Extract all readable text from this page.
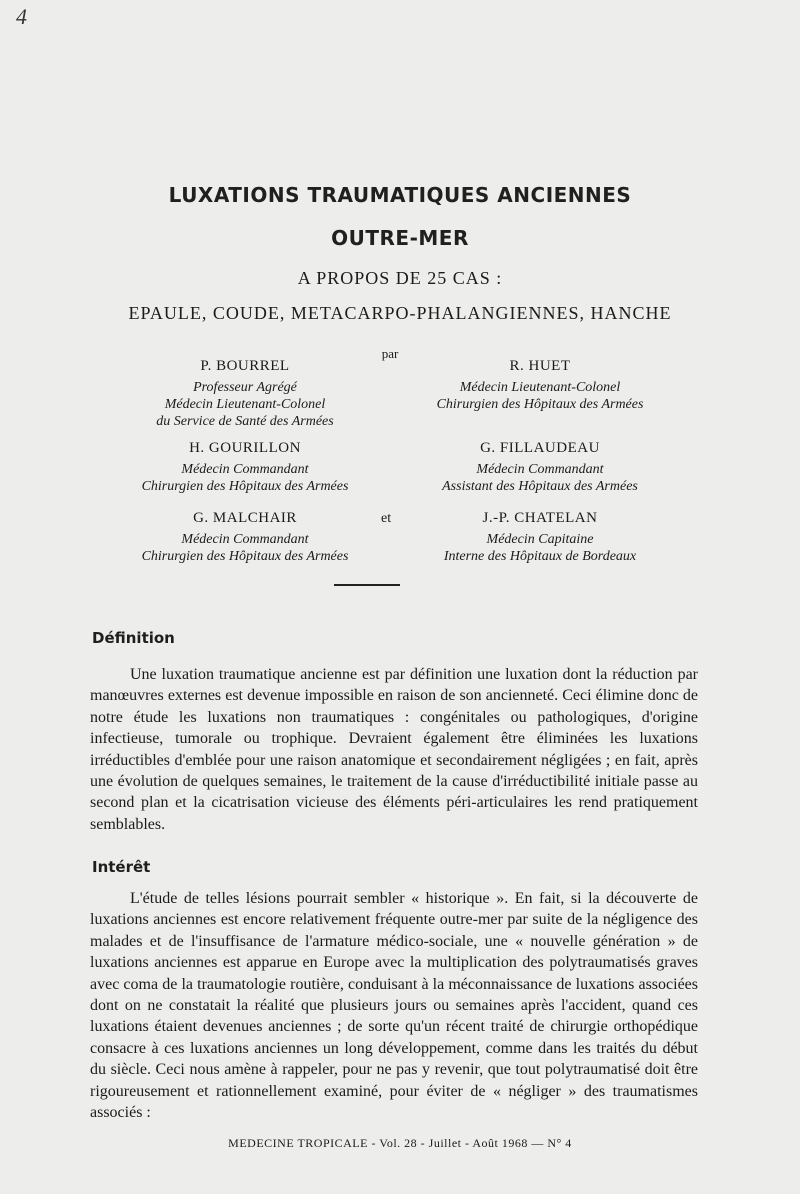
4
LUXATIONS TRAUMATIQUES ANCIENNES
OUTRE-MER
A PROPOS DE 25 CAS :
EPAULE, COUDE, METACARPO-PHALANGIENNES, HANCHE
par
P. BOURREL
Professeur Agrégé
Médecin Lieutenant-Colonel
du Service de Santé des Armées
R. HUET
Médecin Lieutenant-Colonel
Chirurgien des Hôpitaux des Armées
H. GOURILLON
Médecin Commandant
Chirurgien des Hôpitaux des Armées
G. FILLAUDEAU
Médecin Commandant
Assistant des Hôpitaux des Armées
et
G. MALCHAIR
Médecin Commandant
Chirurgien des Hôpitaux des Armées
J.-P. CHATELAN
Médecin Capitaine
Interne des Hôpitaux de Bordeaux
Définition

Une luxation traumatique ancienne est par définition une luxation dont la réduction par manœuvres externes est devenue impossible en raison de son ancienneté. Ceci élimine donc de notre étude les luxations non traumatiques : congénitales ou pathologiques, d'origine infectieuse, tumorale ou trophique. Devraient également être éliminées les luxations irréductibles d'emblée pour une raison anatomique et secondairement négligées ; en fait, après une évolution de quelques semaines, le traitement de la cause d'irréductibilité initiale passe au second plan et la cicatrisation vicieuse des éléments péri-articulaires les rend pratiquement semblables.

Intérêt

L'étude de telles lésions pourrait sembler « historique ». En fait, si la découverte de luxations anciennes est encore relativement fréquente outre-mer par suite de la négligence des malades et de l'insuffisance de l'armature médico-sociale, une « nouvelle génération » de luxations anciennes est apparue en Europe avec la multiplication des polytraumatisés graves avec coma de la traumatologie routière, conduisant à la méconnaissance de luxations associées dont on ne constatait la réalité que plusieurs jours ou semaines après l'accident, quand ces luxations étaient devenues anciennes ; de sorte qu'un récent traité de chirurgie orthopédique consacre à ces luxations anciennes un long développement, comme dans les traités du début du siècle. Ceci nous amène à rappeler, pour ne pas y revenir, que tout polytraumatisé doit être rigoureusement et rationnellement examiné, pour éviter de « négliger » des traumatismes associés :

MEDECINE TROPICALE - Vol. 28 - Juillet - Août 1968 — N° 4
